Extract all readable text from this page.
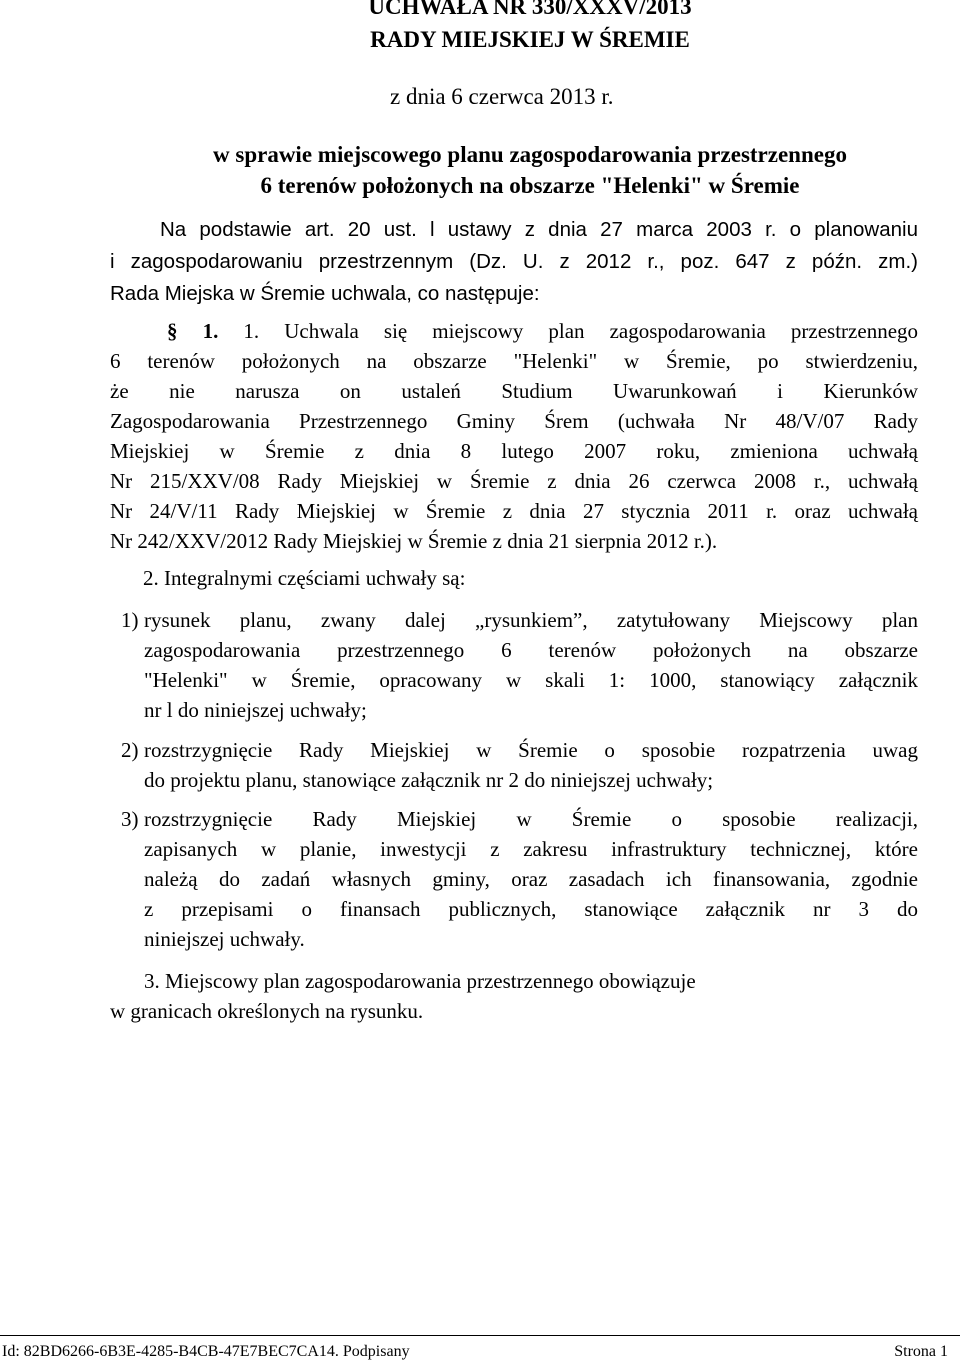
UCHWAŁA NR 330/XXXV/2013
RADY MIEJSKIEJ W ŚREMIE
z dnia 6 czerwca 2013 r.
w sprawie miejscowego planu zagospodarowania przestrzennego
6 terenów położonych na obszarze "Helenki" w Śremie
Na podstawie art. 20 ust. l ustawy z dnia 27 marca 2003 r. o planowaniu
i zagospodarowaniu przestrzennym (Dz. U. z 2012 r., poz. 647 z późn. zm.)
Rada Miejska w Śremie uchwala, co następuje:
§ 1. 1. Uchwala się miejscowy plan zagospodarowania przestrzennego
6 terenów położonych na obszarze "Helenki" w Śremie, po stwierdzeniu,
że nie narusza on ustaleń Studium Uwarunkowań i Kierunków
Zagospodarowania Przestrzennego Gminy Śrem (uchwała Nr 48/V/07 Rady
Miejskiej w Śremie z dnia 8 lutego 2007 roku, zmieniona uchwałą
Nr 215/XXV/08 Rady Miejskiej w Śremie z dnia 26 czerwca 2008 r., uchwałą
Nr 24/V/11 Rady Miejskiej w Śremie z dnia 27 stycznia 2011 r. oraz uchwałą
Nr 242/XXV/2012 Rady Miejskiej w Śremie z dnia 21 sierpnia 2012 r.).
2. Integralnymi częściami uchwały są:
1) rysunek planu, zwany dalej „rysunkiem”, zatytułowany Miejscowy plan
zagospodarowania przestrzennego 6 terenów położonych na obszarze
"Helenki" w Śremie, opracowany w skali 1: 1000, stanowiący załącznik
nr l do niniejszej uchwały;
2) rozstrzygnięcie Rady Miejskiej w Śremie o sposobie rozpatrzenia uwag
do projektu planu, stanowiące załącznik nr 2 do niniejszej uchwały;
3) rozstrzygnięcie Rady Miejskiej w Śremie o sposobie realizacji,
zapisanych w planie, inwestycji z zakresu infrastruktury technicznej, które
należą do zadań własnych gminy, oraz zasadach ich finansowania, zgodnie
z przepisami o finansach publicznych, stanowiące załącznik nr 3 do
niniejszej uchwały.
3. Miejscowy plan zagospodarowania przestrzennego obowiązuje
w granicach określonych na rysunku.
Id: 82BD6266-6B3E-4285-B4CB-47E7BEC7CA14. Podpisany	Strona 1
